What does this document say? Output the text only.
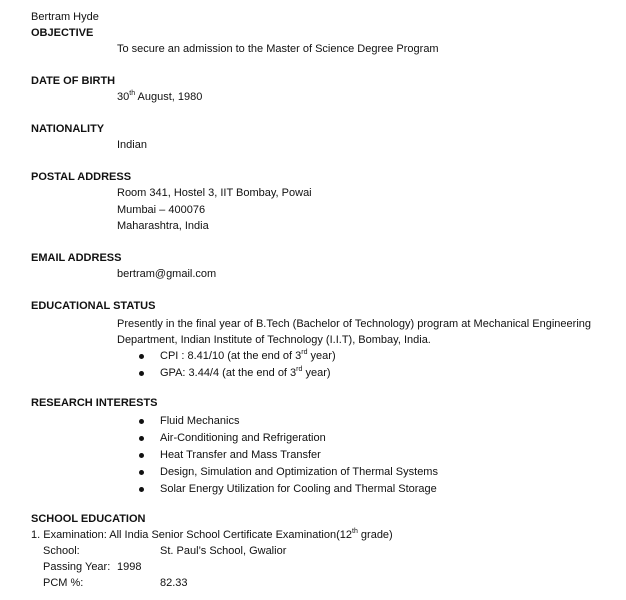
Bertram Hyde
OBJECTIVE
To secure an admission to the Master of Science Degree Program
DATE OF BIRTH
30th August, 1980
NATIONALITY
Indian
POSTAL ADDRESS
Room 341, Hostel 3, IIT Bombay, Powai
Mumbai – 400076
Maharashtra, India
EMAIL ADDRESS
bertram@gmail.com
EDUCATIONAL STATUS
Presently in the final year of B.Tech (Bachelor of Technology) program at Mechanical Engineering Department, Indian Institute of Technology (I.I.T), Bombay, India.
CPI : 8.41/10 (at the end of 3rd year)
GPA: 3.44/4 (at the end of 3rd year)
RESEARCH INTERESTS
Fluid Mechanics
Air-Conditioning and Refrigeration
Heat Transfer and Mass Transfer
Design, Simulation and Optimization of Thermal Systems
Solar Energy Utilization for Cooling and Thermal Storage
SCHOOL EDUCATION
1. Examination: All India Senior School Certificate Examination(12th grade)
School:	St. Paul’s School, Gwalior
Passing Year: 1998
PCM %:	82.33
